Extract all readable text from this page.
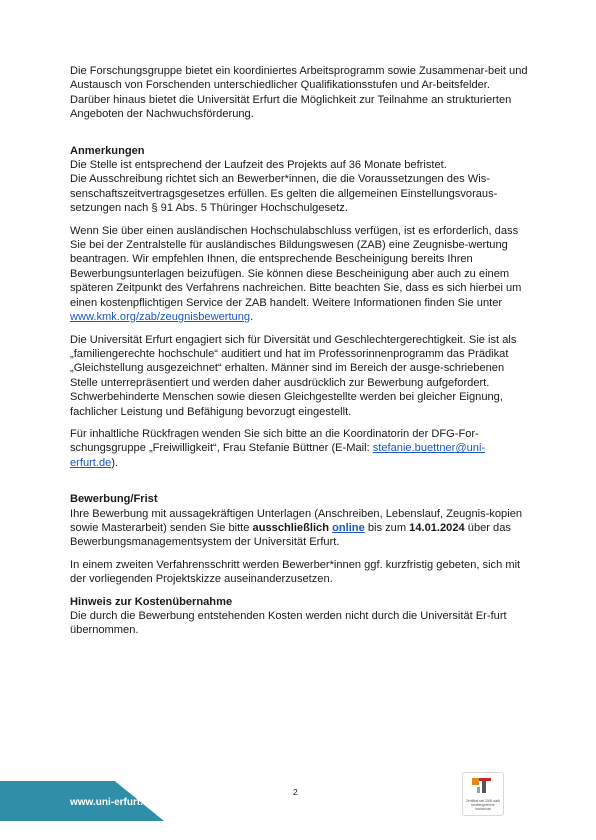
Die Forschungsgruppe bietet ein koordiniertes Arbeitsprogramm sowie Zusammenar-beit und Austausch von Forschenden unterschiedlicher Qualifikationsstufen und Ar-beitsfelder. Darüber hinaus bietet die Universität Erfurt die Möglichkeit zur Teilnahme an strukturierten Angeboten der Nachwuchsförderung.

Anmerkungen

Die Stelle ist entsprechend der Laufzeit des Projekts auf 36 Monate befristet.

Die Ausschreibung richtet sich an Bewerber*innen, die die Voraussetzungen des Wis-senschaftszeitvertragsgesetzes erfüllen. Es gelten die allgemeinen Einstellungsvoraus-setzungen nach § 91 Abs. 5 Thüringer Hochschulgesetz.

Wenn Sie über einen ausländischen Hochschulabschluss verfügen, ist es erforderlich, dass Sie bei der Zentralstelle für ausländisches Bildungswesen (ZAB) eine Zeugnisbe-wertung beantragen. Wir empfehlen Ihnen, die entsprechende Bescheinigung bereits Ihren Bewerbungsunterlagen beizufügen. Sie können diese Bescheinigung aber auch zu einem späteren Zeitpunkt des Verfahrens nachreichen. Bitte beachten Sie, dass es sich hierbei um einen kostenpflichtigen Service der ZAB handelt. Weitere Informationen finden Sie unter www.kmk.org/zab/zeugnisbewertung.

Die Universität Erfurt engagiert sich für Diversität und Geschlechtergerechtigkeit. Sie ist als „familiengerechte hochschule“ auditiert und hat im Professorinnenprogramm das Prädikat „Gleichstellung ausgezeichnet“ erhalten. Männer sind im Bereich der ausge-schriebenen Stelle unterrepräsentiert und werden daher ausdrücklich zur Bewerbung aufgefordert. Schwerbehinderte Menschen sowie diesen Gleichgestellte werden bei gleicher Eignung, fachlicher Leistung und Befähigung bevorzugt eingestellt.

Für inhaltliche Rückfragen wenden Sie sich bitte an die Koordinatorin der DFG-For-schungsgruppe „Freiwilligkeit“, Frau Stefanie Büttner (E-Mail: stefanie.buettner@uni-erfurt.de).

Bewerbung/Frist

Ihre Bewerbung mit aussagekräftigen Unterlagen (Anschreiben, Lebenslauf, Zeugnis-kopien sowie Masterarbeit) senden Sie bitte ausschließlich online bis zum 14.01.2024 über das Bewerbungsmanagementsystem der Universität Erfurt.

In einem zweiten Verfahrensschritt werden Bewerber*innen ggf. kurzfristig gebeten, sich mit der vorliegenden Projektskizze auseinanderzusetzen.

Hinweis zur Kostenübernahme

Die durch die Bewerbung entstehenden Kosten werden nicht durch die Universität Er-furt übernommen.

2
www.uni-erfurt.de	Zertifikat seit 2005 audit familiengerechte hochschule
